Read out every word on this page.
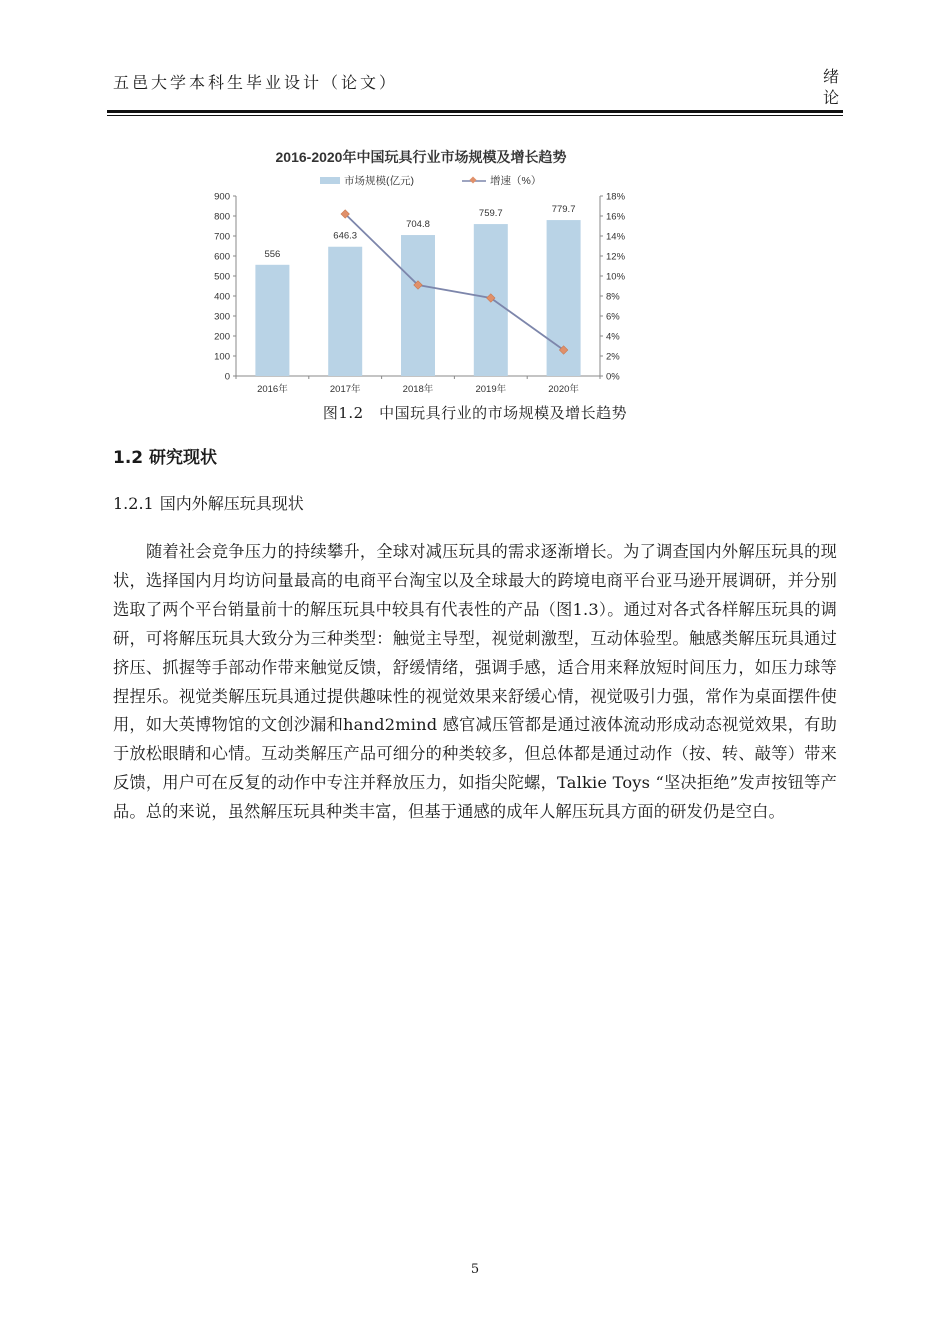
五邑大学本科生毕业设计（论文）	绪
论
2016-2020年中国玩具行业市场规模及增长趋势
市场规模(亿元)	增速（%）
0
100
200
300
400
500
600
700
800
900
0%
2%
4%
6%
8%
10%
12%
14%
16%
18%
2016年	2017年	2018年	2019年	2020年
556
646.3
704.8
759.7	779.7
图1.2　中国玩具行业的市场规模及增长趋势
1.2 研究现状
1.2.1 国内外解压玩具现状

随着社会竞争压力的持续攀升，全球对减压玩具的需求逐渐增长。为了调查国内外解压玩具的现状，选择国内月均访问量最高的电商平台淘宝以及全球最大的跨境电商平台亚马逊开展调研，并分别选取了两个平台销量前十的解压玩具中较具有代表性的产品（图1.3）。通过对各式各样解压玩具的调研，可将解压玩具大致分为三种类型：触觉主导型，视觉刺激型，互动体验型。触感类解压玩具通过挤压、抓握等手部动作带来触觉反馈，舒缓情绪，强调手感，适合用来释放短时间压力，如压力球等捏捏乐。视觉类解压玩具通过提供趣味性的视觉效果来舒缓心情，视觉吸引力强，常作为桌面摆件使用，如大英博物馆的文创沙漏和hand2mind 感官减压管都是通过液体流动形成动态视觉效果，有助于放松眼睛和心情。互动类解压产品可细分的种类较多，但总体都是通过动作（按、转、敲等）带来反馈，用户可在反复的动作中专注并释放压力，如指尖陀螺，Talkie Toys “坚决拒绝”发声按钮等产品。总的来说，虽然解压玩具种类丰富，但基于通感的成年人解压玩具方面的研发仍是空白。

5
